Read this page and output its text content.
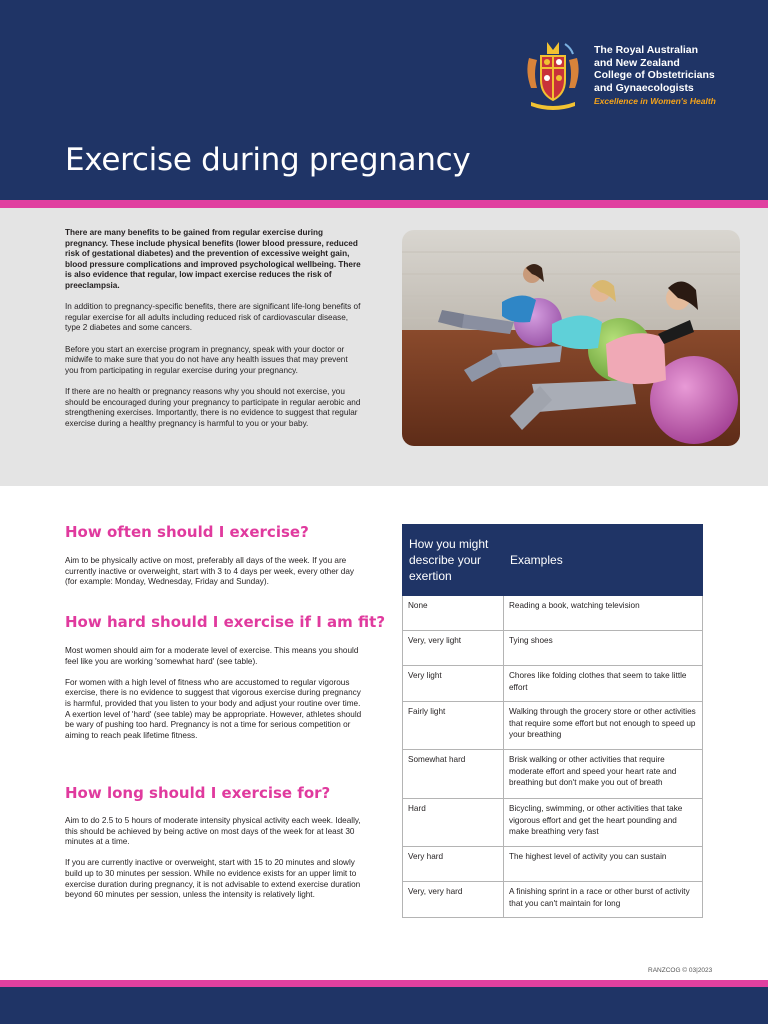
The Royal Australian
and New Zealand
College of Obstetricians
and Gynaecologists
Excellence in Women's Health
Exercise during pregnancy

There are many benefits to be gained from regular exercise during pregnancy. These include physical benefits (lower blood pressure, reduced risk of gestational diabetes) and the prevention of excessive weight gain, blood pressure complications and improved psychological wellbeing. There is also evidence that regular, low impact exercise reduces the risk of preeclampsia.

In addition to pregnancy-specific benefits, there are significant life-long benefits of regular exercise for all adults including reduced risk of cardiovascular disease, type 2 diabetes and some cancers.

Before you start an exercise program in pregnancy, speak with your doctor or midwife to make sure that you do not have any health issues that may prevent you from participating in regular exercise during your pregnancy.

If there are no health or pregnancy reasons why you should not exercise, you should be encouraged during your pregnancy to participate in regular aerobic and strengthening exercises. Importantly, there is no evidence to suggest that regular exercise during a healthy pregnancy is harmful to you or your baby.

How often should I exercise?

Aim to be physically active on most, preferably all days of the week. If you are currently inactive or overweight, start with 3 to 4 days per week, every other day (for example: Monday, Wednesday, Friday and Sunday).

How hard should I exercise if I am fit?

Most women should aim for a moderate level of exercise. This means you should feel like you are working 'somewhat hard' (see table).

For women with a high level of fitness who are accustomed to regular vigorous exercise, there is no evidence to suggest that vigorous exercise during pregnancy is harmful, provided that you listen to your body and adjust your routine over time. A exertion level of 'hard' (see table) may be appropriate. However, athletes should be wary of pushing too hard. Pregnancy is not a time for serious competition or aiming to reach peak lifetime fitness.

How long should I exercise for?

Aim to do 2.5 to 5 hours of moderate intensity physical activity each week. Ideally, this should be achieved by being active on most days of the week for at least 30 minutes at a time.

If you are currently inactive or overweight, start with 15 to 20 minutes and slowly build up to 30 minutes per session. While no evidence exists for an upper limit to exercise duration during pregnancy, it is not advisable to extend exercise duration beyond 60 minutes per session, unless the intensity is relatively light.

How you might describe your exertion	Examples
None	Reading a book, watching television
Very, very light	Tying shoes
Very light	Chores like folding clothes that seem to take little effort
Fairly light	Walking through the grocery store or other activities that require some effort but not enough to speed up your breathing
Somewhat hard	Brisk walking or other activities that require moderate effort and speed your heart rate and breathing but don't make you out of breath
Hard	Bicycling, swimming, or other activities that take vigorous effort and get the heart pounding and make breathing very fast
Very hard	The highest level of activity you can sustain
Very, very hard	A finishing sprint in a race or other burst of activity that you can't maintain for long
RANZCOG © 03|2023
